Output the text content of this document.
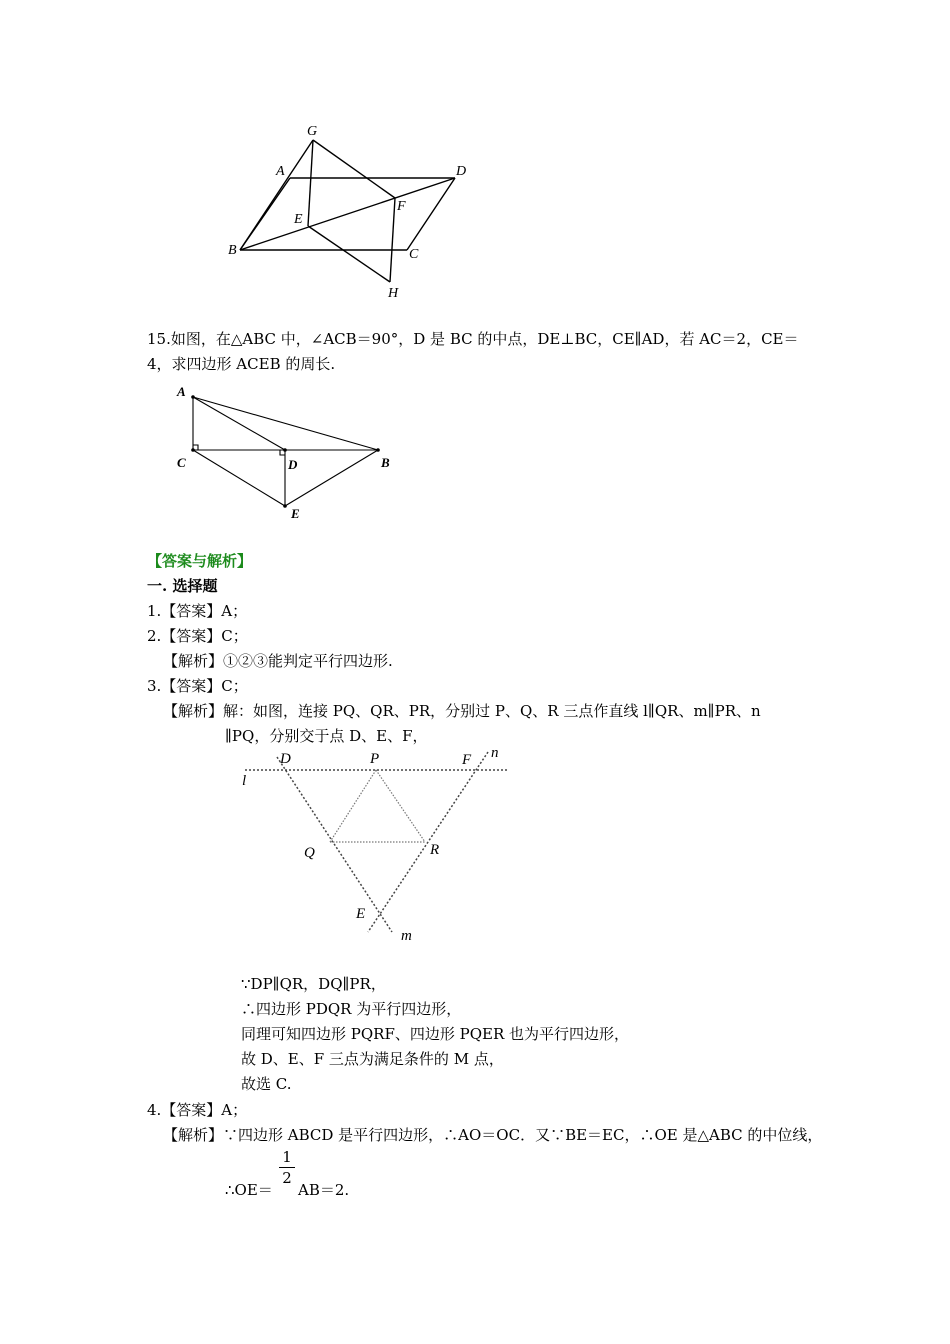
G
A	D
E
F
B	C
H
15.如图，在△ABC 中，∠ACB＝90°，D 是 BC 的中点，DE⊥BC，CE∥AD，若 AC＝2，CE＝
4，求四边形 ACEB 的周长.
A
C	D	B
E
【答案与解析】
一. 选择题
1.【答案】A；
2.【答案】C；
【解析】①②③能判定平行四边形.
3.【答案】C；
【解析】解：如图，连接 PQ、QR、PR，分别过 P、Q、R 三点作直线 l∥QR、m∥PR、n
∥PQ，分别交于点 D、E、F，
D	P	F n
l
Q	R
E
m
∵DP∥QR，DQ∥PR，
∴四边形 PDQR 为平行四边形，
同理可知四边形 PQRF、四边形 PQER 也为平行四边形，
故 D、E、F 三点为满足条件的 M 点，
故选 C.
4.【答案】A；
【解析】∵四边形 ABCD 是平行四边形，∴AO＝OC．又∵BE＝EC，∴OE 是△ABC 的中位线，
∴OE＝
1
2
AB＝2.
